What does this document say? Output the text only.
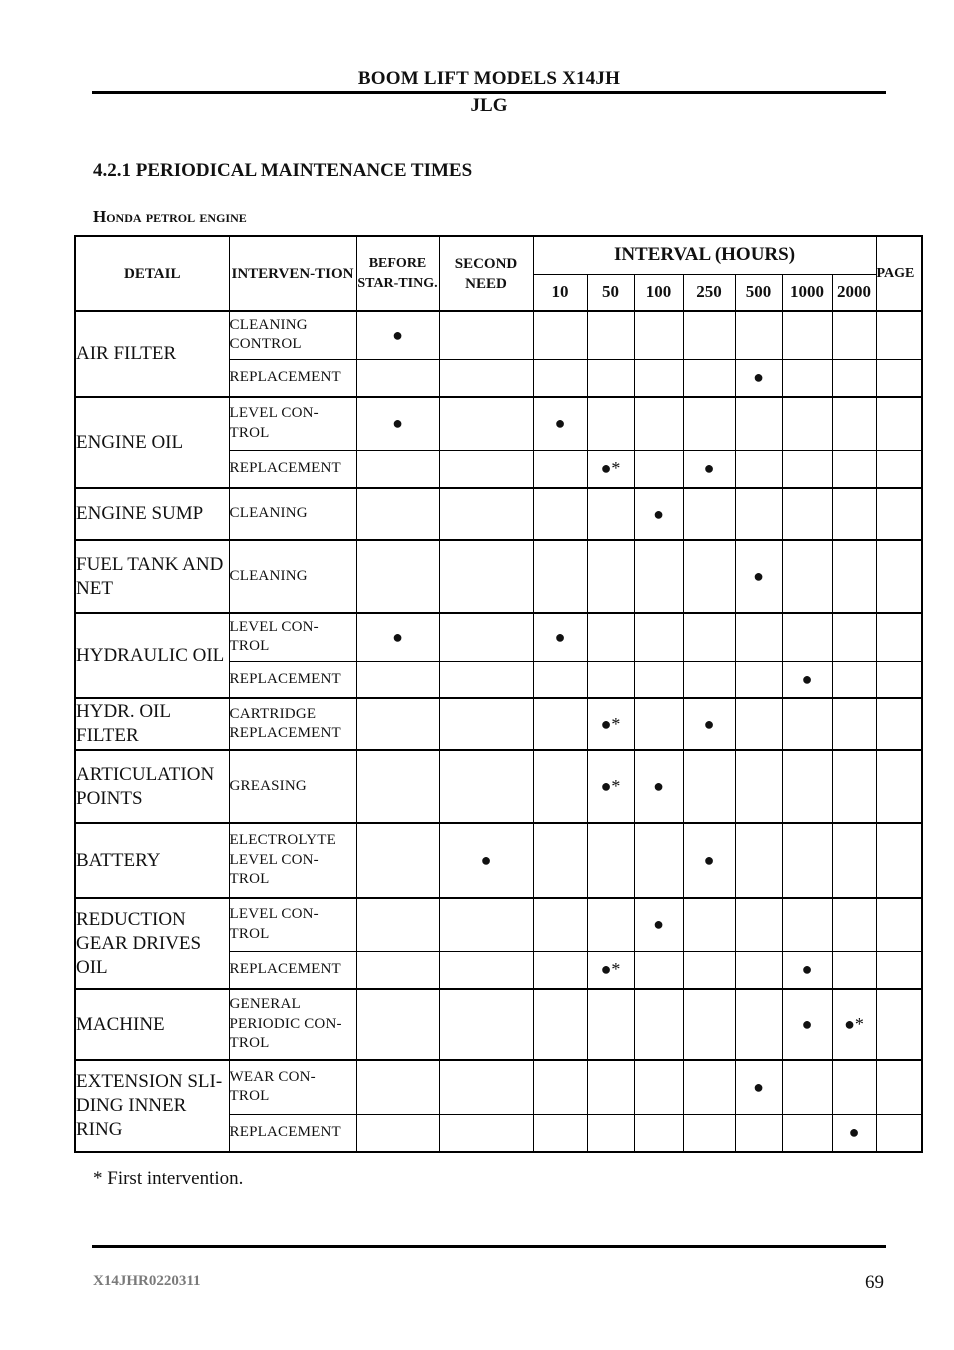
BOOM LIFT MODELS X14JH
JLG
4.2.1 PERIODICAL MAINTENANCE TIMES
Honda petrol engine
DETAIL	INTERVEN-TION	BEFORE STAR-TING.	SECOND NEED	INTERVAL (HOURS)							PAGE
				10	50	100	250	500	1000	2000	
AIR FILTER	CLEANING CONTROL	●									
	REPLACEMENT							●			
ENGINE OIL	LEVEL CON-TROL	●		●							
	REPLACEMENT				●*		●				
ENGINE SUMP	CLEANING					●					
FUEL TANK AND NET	CLEANING							●			
HYDRAULIC OIL	LEVEL CON-TROL	●		●							
	REPLACEMENT								●		
HYDR. OIL FILTER	CARTRIDGE REPLACEMENT				●*		●				
ARTICULATION POINTS	GREASING				●*	●					
BATTERY	ELECTROLYTE LEVEL CON-TROL		●				●				
REDUCTION GEAR DRIVES OIL	LEVEL CON-TROL					●					
	REPLACEMENT				●*				●		
MACHINE	GENERAL PERIODIC CON-TROL								●	●*	
EXTENSION SLI-DING INNER RING	WEAR CON-TROL							●			
	REPLACEMENT									●	
* First intervention.
X14JHR0220311	69
